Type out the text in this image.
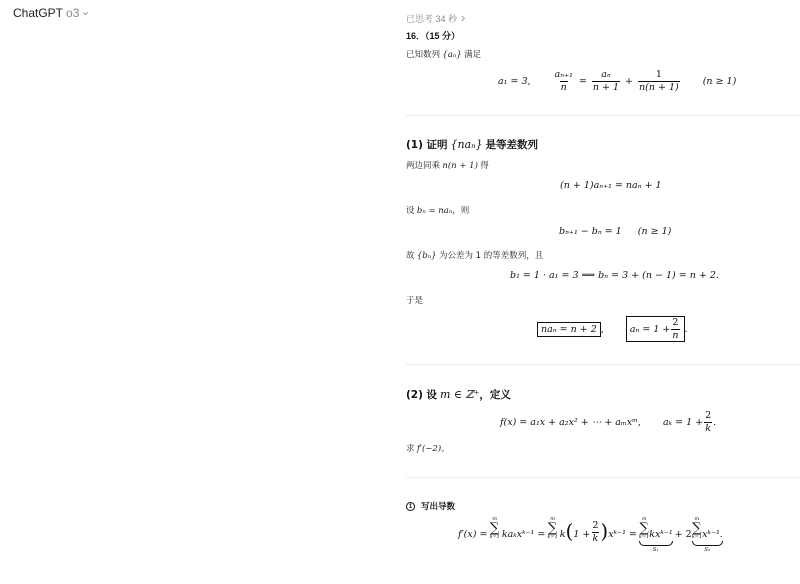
ChatGPT o3	已思考 34 秒
16．（15 分）
已知数列 {aₙ} 满足
a₁ = 3, $\frac{\text{aₙ₊₁}}{n} = \frac{\text{aₙ}}{n + 1} + \frac{1}{n(n + 1)} (n \ge 1)$
(1) 证明 {naₙ} 是等差数列
两边同乘 n(n + 1) 得
(n + 1)aₙ₊₁ = naₙ + 1
设 bₙ = naₙ，则
bₙ₊₁ − bₙ = 1 (n ≥ 1)
故 {bₙ} 为公差为 1 的等差数列，且
b₁ = 1 · a₁ = 3 ⟹ bₙ = 3 + (n − 1) = n + 2.
于是
naₙ = n + 2 ,	$a_n = 1 + \frac{2}{n}$ .
(2) 设 m ∈ ℤ⁺，定义
f(x) = a₁x + a₂x² + ⋯ + aₘxᵐ, $a_k = 1 + \frac{2}{k}$ .
求 f′(−2)。
1	写出导数
f′(x) =
m
∑
k=1 kaₖxᵏ⁻¹ =
m
∑
k=1 k ( $1 + \frac{2}{k}$ ) xᵏ⁻¹ =
m
∑
k=1 kxᵏ⁻¹
S₁
+ 2
m
∑
k=1 xᵏ⁻¹.
S₂
